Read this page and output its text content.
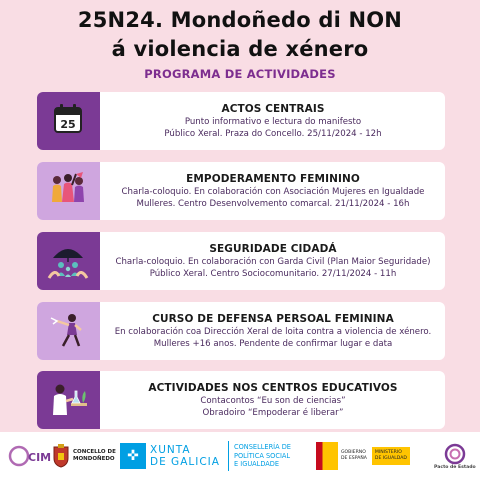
25N24. Mondoñedo di NON
á violencia de xénero
PROGRAMA DE ACTIVIDADES
25
ACTOS CENTRAIS
Punto informativo e lectura do manifesto
Público Xeral. Praza do Concello. 25/11/2024 - 12h
EMPODERAMENTO FEMININO
Charla-coloquio. En colaboración con Asociación Mujeres en Igualdade
Mulleres. Centro Desenvolvemento comarcal. 21/11/2024 - 16h
SEGURIDADE CIDADÁ
Charla-coloquio. En colaboración con Garda Civil (Plan Maior Seguridade)
Público Xeral. Centro Sociocomunitario. 27/11/2024 - 11h
CURSO DE DEFENSA PERSOAL FEMININA
En colaboración coa Dirección Xeral de loita contra a violencia de xénero.
Mulleres +16 anos. Pendente de confirmar lugar e data
ACTIVIDADES NOS CENTROS EDUCATIVOS
Contacontos “Eu son de ciencias”
Obradoiro “Empoderar é liberar”
CIM	CONCELLO DE
MONDOÑEDO ✜	XUNTA
DE GALICIA
CONSELLERÍA DE
POLÍTICA SOCIAL
E IGUALDADE
GOBIERNO
DE ESPAÑA
MINISTERIO
DE IGUALDAD
Pacto de Estado
